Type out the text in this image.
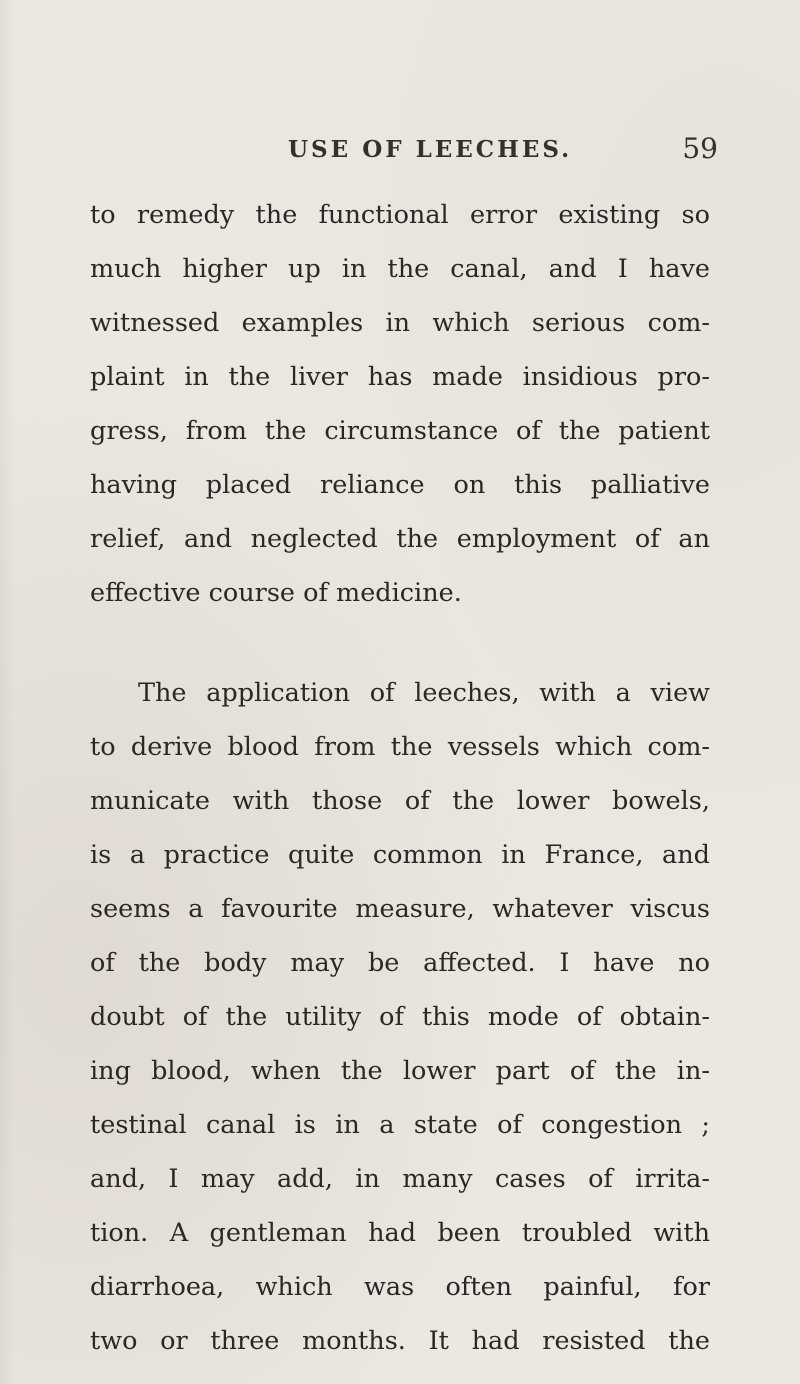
USE OF LEECHES.	59
to remedy the functional error existing so
much higher up in the canal, and I have
witnessed examples in which serious com-
plaint in the liver has made insidious pro-
gress, from the circumstance of the patient
having placed reliance on this palliative
relief, and neglected the employment of an
effective course of medicine.
The application of leeches, with a view
to derive blood from the vessels which com-
municate with those of the lower bowels,
is a practice quite common in France, and
seems a favourite measure, whatever viscus
of the body may be affected. I have no
doubt of the utility of this mode of obtain-
ing blood, when the lower part of the in-
testinal canal is in a state of congestion ;
and, I may add, in many cases of irrita-
tion. A gentleman had been troubled with
diarrhoea, which was often painful, for
two or three months. It had resisted the
